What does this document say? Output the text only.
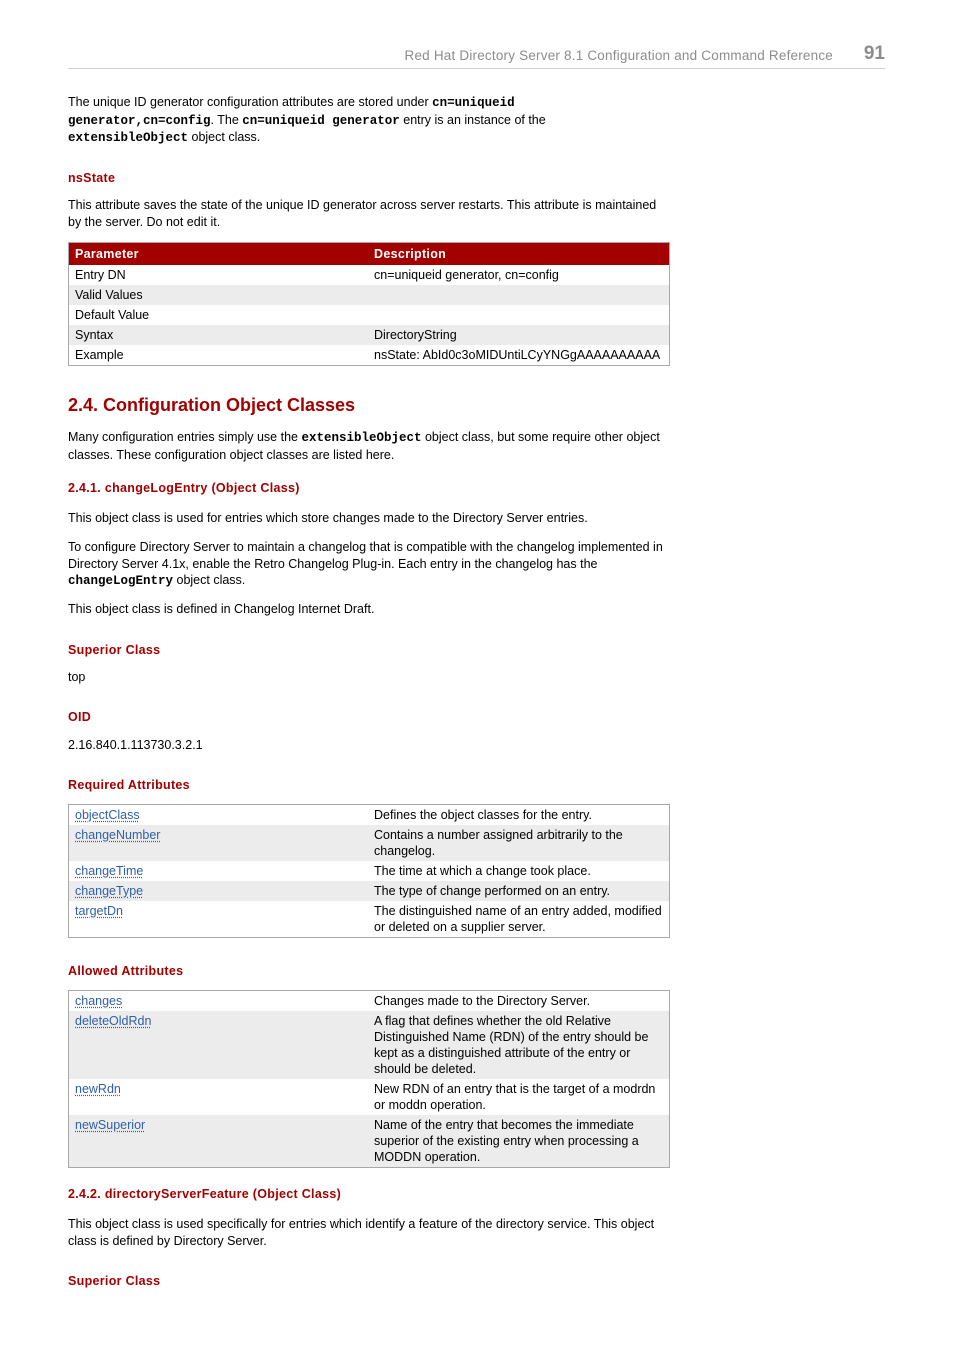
Red Hat Directory Server 8.1 Configuration and Command Reference 91

The unique ID generator configuration attributes are stored under cn=uniqueid generator,cn=config. The cn=uniqueid generator entry is an instance of the extensibleObject object class.

nsState

This attribute saves the state of the unique ID generator across server restarts. This attribute is maintained by the server. Do not edit it.

Parameter	Description
Entry DN	cn=uniqueid generator, cn=config
Valid Values	
Default Value	
Syntax	DirectoryString
Example	nsState: AbId0c3oMIDUntiLCyYNGgAAAAAAAAAA
2.4. Configuration Object Classes

Many configuration entries simply use the extensibleObject object class, but some require other object classes. These configuration object classes are listed here.

2.4.1. changeLogEntry (Object Class)

This object class is used for entries which store changes made to the Directory Server entries.

To configure Directory Server to maintain a changelog that is compatible with the changelog implemented in Directory Server 4.1x, enable the Retro Changelog Plug-in. Each entry in the changelog has the changeLogEntry object class.

This object class is defined in Changelog Internet Draft.

Superior Class
top
OID
2.16.840.1.113730.3.2.1
Required Attributes
objectClass	Defines the object classes for the entry.
changeNumber	Contains a number assigned arbitrarily to the changelog.
changeTime	The time at which a change took place.
changeType	The type of change performed on an entry.
targetDn	The distinguished name of an entry added, modified or deleted on a supplier server.
Allowed Attributes
changes	Changes made to the Directory Server.
deleteOldRdn	A flag that defines whether the old Relative Distinguished Name (RDN) of the entry should be kept as a distinguished attribute of the entry or should be deleted.
newRdn	New RDN of an entry that is the target of a modrdn or moddn operation.
newSuperior	Name of the entry that becomes the immediate superior of the existing entry when processing a MODDN operation.
2.4.2. directoryServerFeature (Object Class)

This object class is used specifically for entries which identify a feature of the directory service. This object class is defined by Directory Server.

Superior Class
